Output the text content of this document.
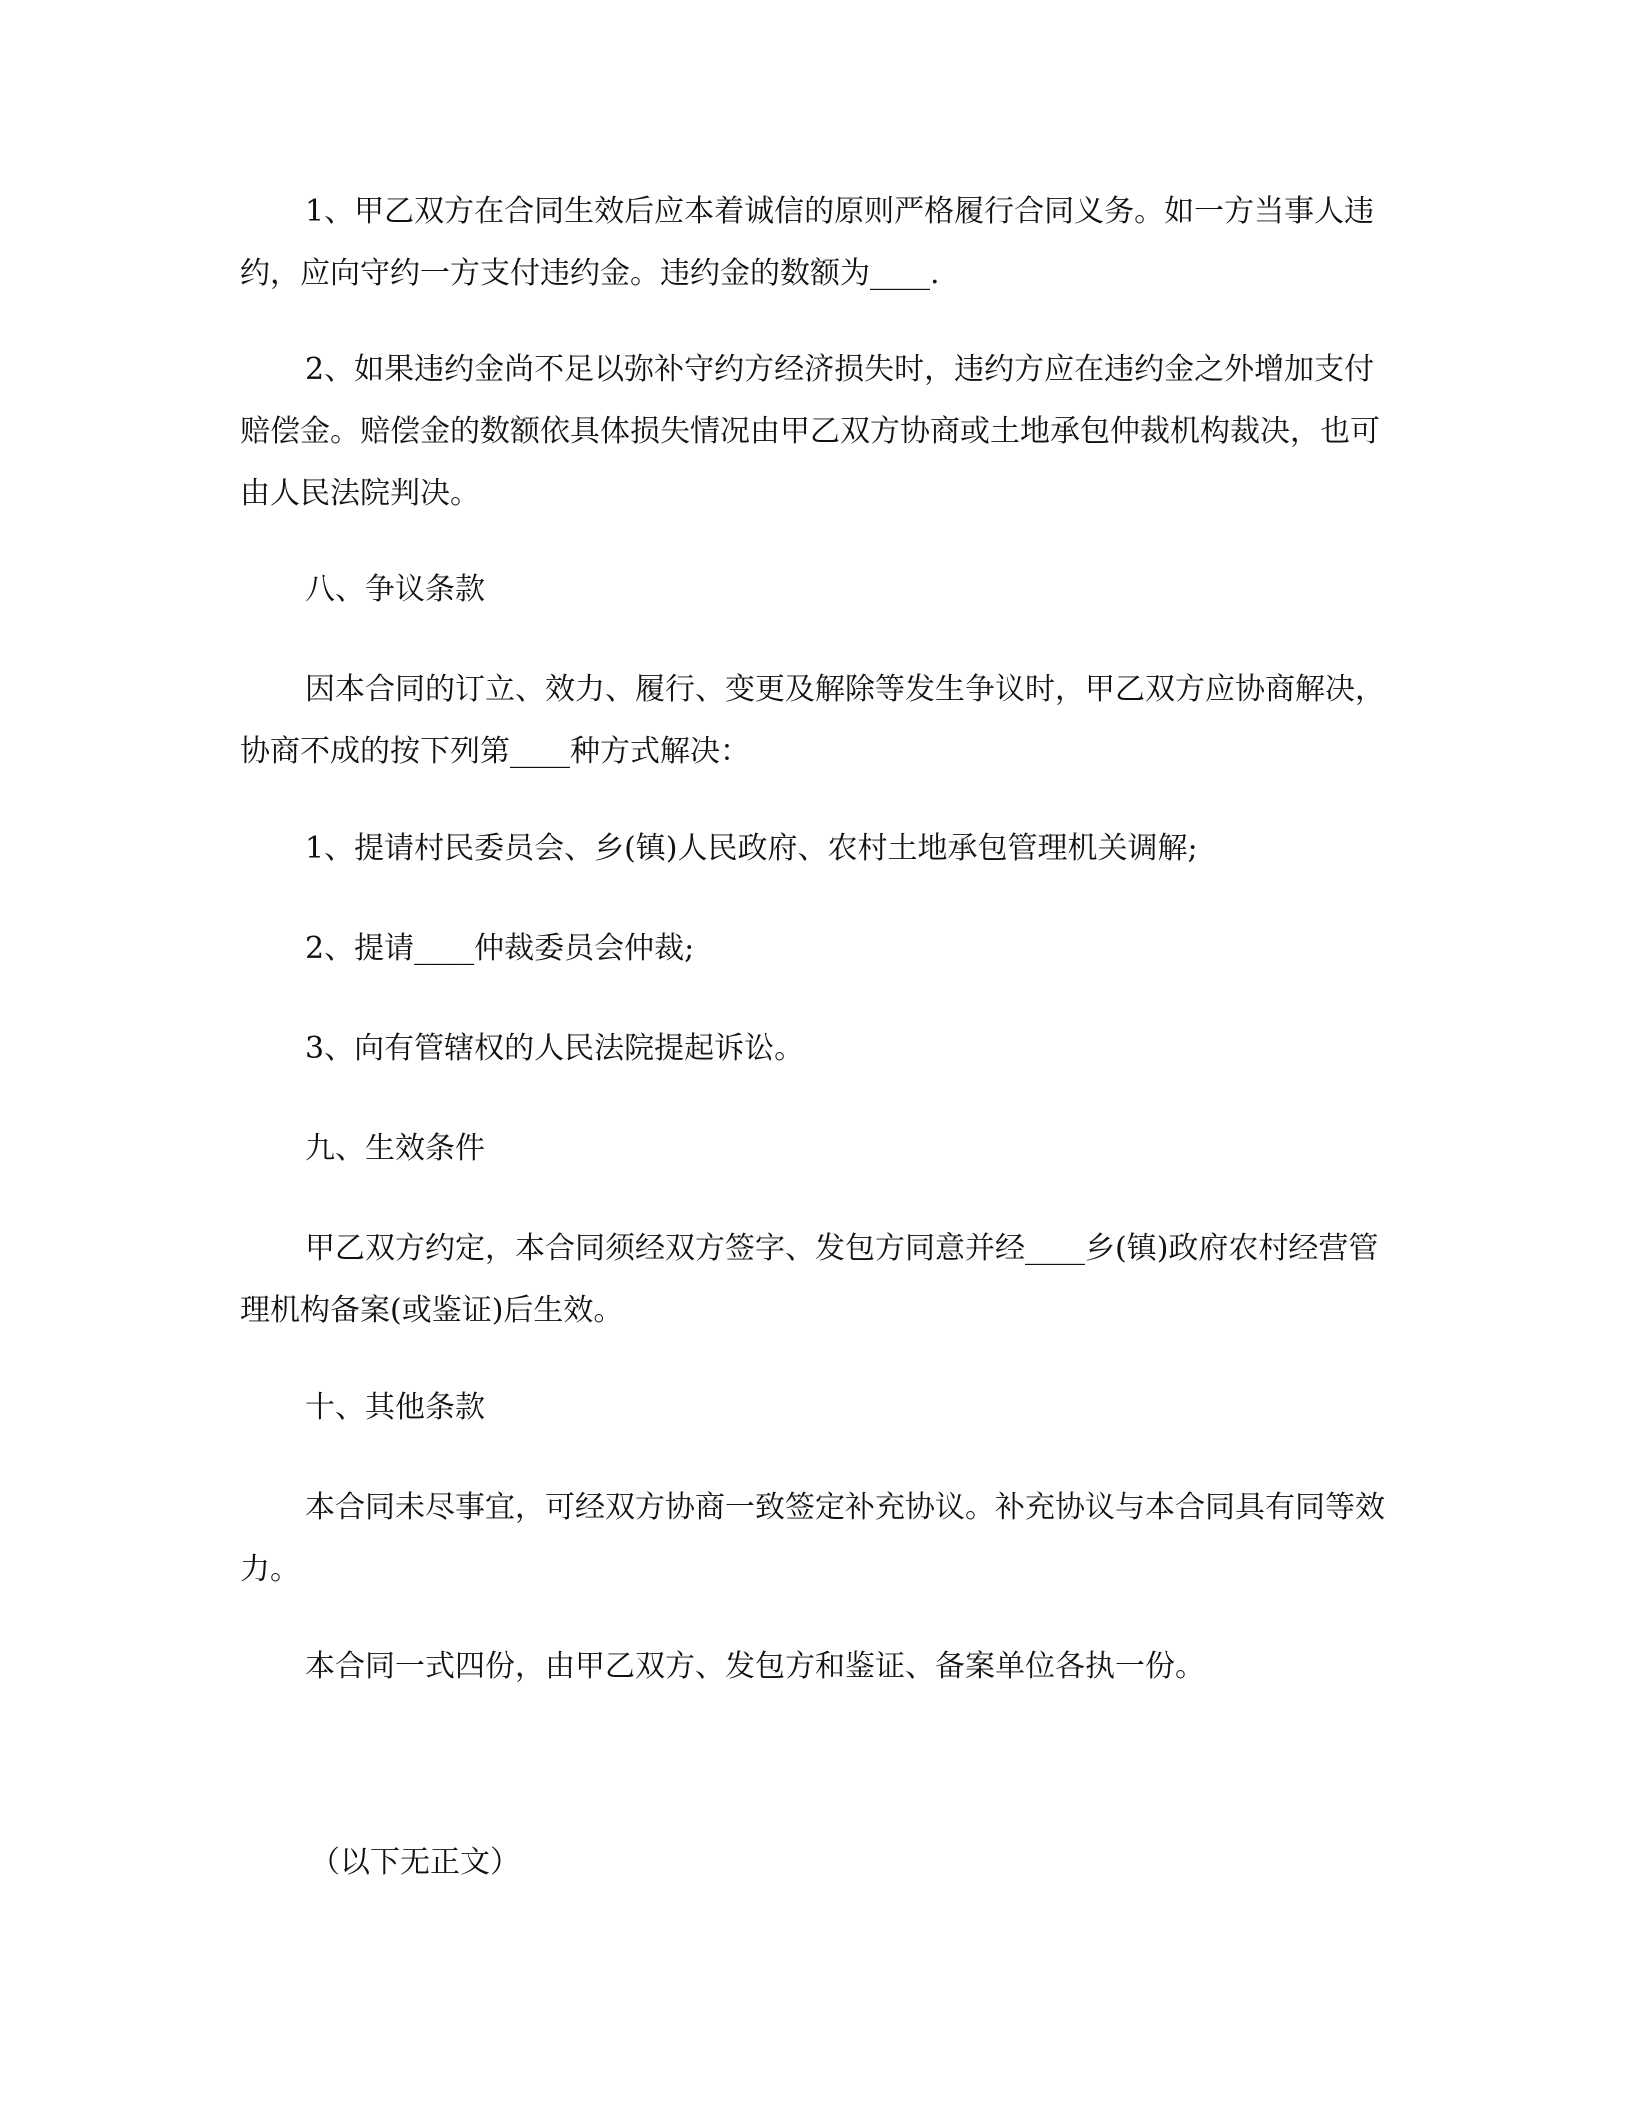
1、甲乙双方在合同生效后应本着诚信的原则严格履行合同义务。如一方当事人违约，应向守约一方支付违约金。违约金的数额为____.

2、如果违约金尚不足以弥补守约方经济损失时，违约方应在违约金之外增加支付赔偿金。赔偿金的数额依具体损失情况由甲乙双方协商或土地承包仲裁机构裁决，也可由人民法院判决。

八、争议条款

因本合同的订立、效力、履行、变更及解除等发生争议时，甲乙双方应协商解决，协商不成的按下列第____种方式解决：

1、提请村民委员会、乡(镇)人民政府、农村土地承包管理机关调解;

2、提请____仲裁委员会仲裁;

3、向有管辖权的人民法院提起诉讼。

九、生效条件

甲乙双方约定，本合同须经双方签字、发包方同意并经____乡(镇)政府农村经营管理机构备案(或鉴证)后生效。

十、其他条款

本合同未尽事宜，可经双方协商一致签定补充协议。补充协议与本合同具有同等效力。

本合同一式四份，由甲乙双方、发包方和鉴证、备案单位各执一份。

（以下无正文）
